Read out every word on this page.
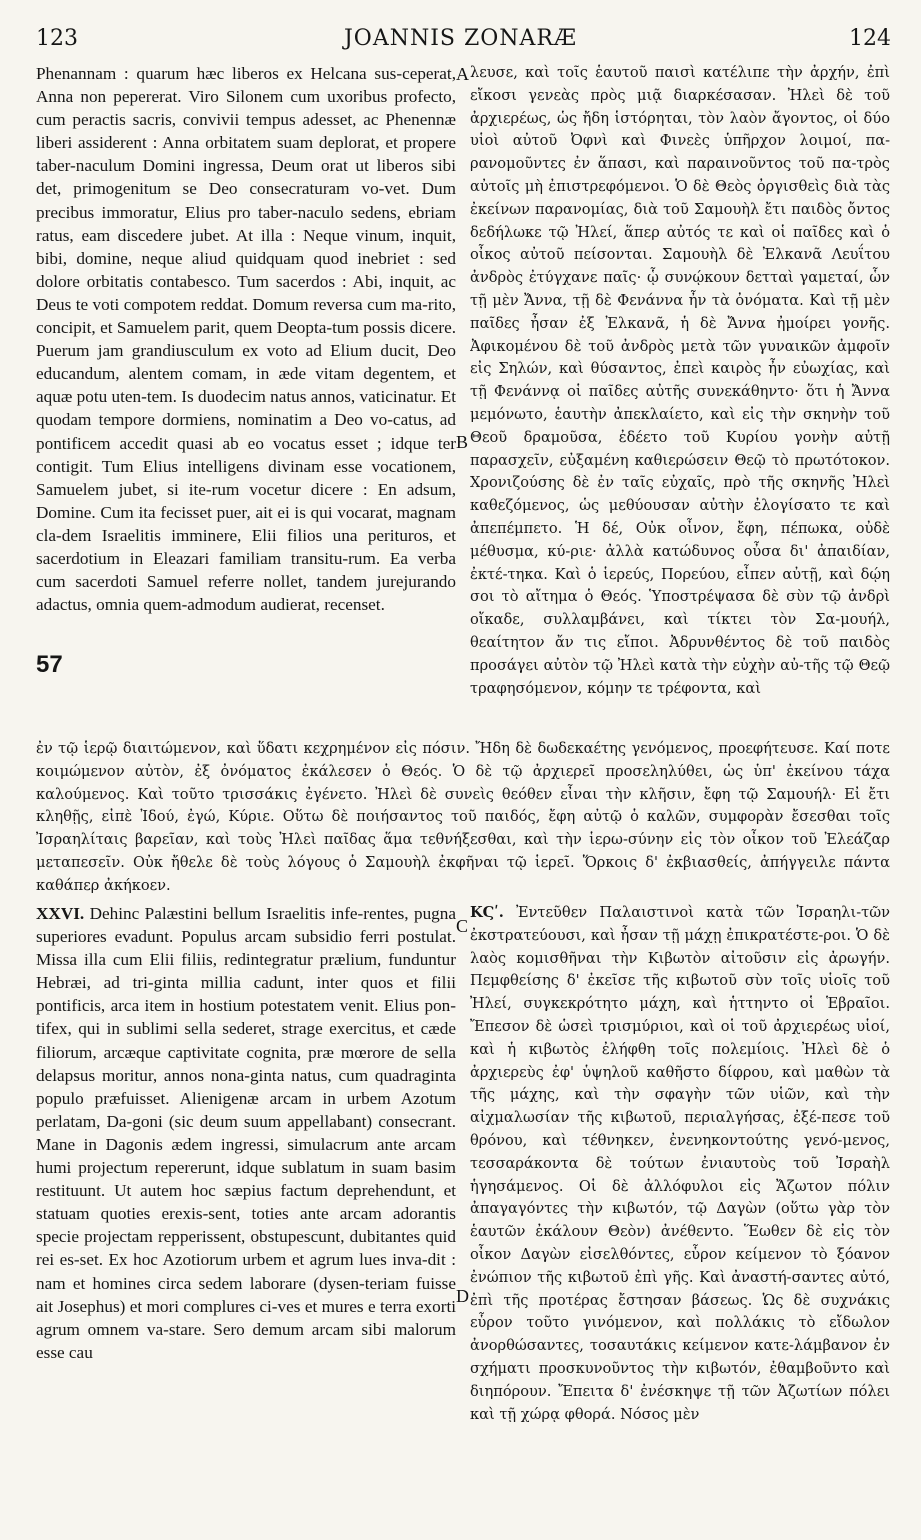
JOANNIS ZONARÆ
123	124

Phenannam : quarum hæc liberos ex Helcana sus-ceperat, Anna non pepererat. Viro Silonem cum uxoribus profecto, cum peractis sacris, convivii tempus adesset, ac Phenennæ liberi assiderent : Anna orbitatem suam deplorat, et propere taber-naculum Domini ingressa, Deum orat ut liberos sibi det, primogenitum se Deo consecraturam vo-vet. Dum precibus immoratur, Elius pro taber-naculo sedens, ebriam ratus, eam discedere jubet. At illa : Neque vinum, inquit, bibi, domine, neque aliud quidquam quod inebriet : sed dolore orbitatis contabesco. Tum sacerdos : Abi, inquit, ac Deus te voti compotem reddat. Domum reversa cum ma-rito, concipit, et Samuelem parit, quem Deopta-tum possis dicere. Puerum jam grandiusculum ex voto ad Elium ducit, Deo educandum, alentem comam, in æde vitam degentem, et aquæ potu uten-tem. Is duodecim natus annos, vaticinatur. Et quodam tempore dormiens, nominatim a Deo vo-catus, ad pontificem accedit quasi ab eo vocatus esset ; idque ter contigit. Tum Elius intelligens divinam esse vocationem, Samuelem jubet, si ite-rum vocetur dicere : En adsum, Domine. Cum ita fecisset puer, ait ei is qui vocarat, magnam cla-dem Israelitis imminere, Elii filios una perituros, et sacerdotium in Eleazari familiam transitu-rum. Ea verba cum sacerdoti Samuel referre nollet, tandem jurejurando adactus, omnia quem-admodum audierat, recenset.

λευσε, καὶ τοῖς ἑαυτοῦ παισὶ κατέλιπε τὴν ἀρχήν, ἐπὶ εἴκοσι γενεὰς πρὸς μιᾷ διαρκέσασαν. Ἠλεὶ δὲ τοῦ ἀρχιερέως, ὡς ἤδη ἱστόρηται, τὸν λαὸν ἄγοντος, οἱ δύο υἱοὶ αὐτοῦ Ὀφνὶ καὶ Φινεὲς ὑπῆρχον λοιμοί, πα-ρανομοῦντες ἐν ἅπασι, καὶ παραινοῦντος τοῦ πα-τρὸς αὐτοῖς μὴ ἐπιστρεφόμενοι. Ὁ δὲ Θεὸς ὀργισθεὶς διὰ τὰς ἐκείνων παρανομίας, διὰ τοῦ Σαμουὴλ ἔτι παιδὸς ὄντος δεδήλωκε τῷ Ἠλεί, ἅπερ αὐτός τε καὶ οἱ παῖδες καὶ ὁ οἶκος αὐτοῦ πείσονται. Σαμουὴλ δὲ Ἐλκανᾶ Λευΐτου ἀνδρὸς ἐτύγχανε παῖς· ᾧ συνῴκουν δετταὶ γαμεταί, ὧν τῇ μὲν Ἄννα, τῇ δὲ Φενάννα ἦν τὰ ὀνόματα. Καὶ τῇ μὲν παῖδες ἦσαν ἐξ Ἐλκανᾶ, ἡ δὲ Ἄννα ἠμοίρει γονῆς. Ἀφικομένου δὲ τοῦ ἀνδρὸς μετὰ τῶν γυναικῶν ἀμφοῖν εἰς Σηλών, καὶ θύσαντος, ἐπεὶ καιρὸς ἦν εὐωχίας, καὶ τῇ Φενάννᾳ οἱ παῖδες αὐτῆς συνεκάθηντο· ὅτι ἡ Ἄννα μεμόνωτο, ἑαυτὴν ἀπεκλαίετο, καὶ εἰς τὴν σκηνὴν τοῦ Θεοῦ δραμοῦσα, ἐδέετο τοῦ Κυρίου γονὴν αὐτῇ παρασχεῖν, εὐξαμένη καθιερώσειν Θεῷ τὸ πρωτότοκον. Χρονιζούσης δὲ ἐν ταῖς εὐχαῖς, πρὸ τῆς σκηνῆς Ἠλεὶ καθεζόμενος, ὡς μεθύουσαν αὐτὴν ἐλογίσατο τε καὶ ἀπεπέμπετο. Ἡ δέ, Οὐκ οἶνον, ἔφη, πέπωκα, οὐδὲ μέθυσμα, κύ-ριε· ἀλλὰ κατώδυνος οὖσα δι' ἀπαιδίαν, ἐκτέ-τηκα. Καὶ ὁ ἱερεύς, Πορεύου, εἶπεν αὐτῇ, καὶ δῴη σοι τὸ αἴτημα ὁ Θεός. Ὑποστρέψασα δὲ σὺν τῷ ἀνδρὶ οἴκαδε, συλλαμβάνει, καὶ τίκτει τὸν Σα-μουήλ, θεαίτητον ἄν τις εἴποι. Ἀδρυνθέντος δὲ τοῦ παιδὸς προσάγει αὐτὸν τῷ Ἠλεὶ κατὰ τὴν εὐχὴν αὐ-τῆς τῷ Θεῷ τραφησόμενον, κόμην τε τρέφοντα, καὶ

ἐν τῷ ἱερῷ διαιτώμενον, καὶ ὕδατι κεχρημένον εἰς πόσιν. Ἤδη δὲ δωδεκαέτης γενόμενος, προεφήτευσε. Καί ποτε κοιμώμενον αὐτὸν, ἐξ ὀνόματος ἐκάλεσεν ὁ Θεός. Ὁ δὲ τῷ ἀρχιερεῖ προσεληλύθει, ὡς ὑπ' ἐκείνου τάχα καλούμενος. Καὶ τοῦτο τρισσάκις ἐγένετο. Ἠλεὶ δὲ συνεὶς θεόθεν εἶναι τὴν κλῆσιν, ἔφη τῷ Σαμουήλ· Εἰ ἔτι κληθῇς, εἰπὲ Ἰδού, ἐγώ, Κύριε. Οὕτω δὲ ποιήσαντος τοῦ παιδός, ἔφη αὐτῷ ὁ καλῶν, συμφορὰν ἔσεσθαι τοῖς Ἰσραηλίταις βαρεῖαν, καὶ τοὺς Ἠλεὶ παῖδας ἅμα τεθνήξεσθαι, καὶ τὴν ἱερω-σύνην εἰς τὸν οἶκον τοῦ Ἐλεάζαρ μεταπεσεῖν. Οὐκ ἤθελε δὲ τοὺς λόγους ὁ Σαμουὴλ ἐκφῆναι τῷ ἱερεῖ. Ὅρκοις δ' ἐκβιασθείς, ἀπήγγειλε πάντα καθάπερ ἀκήκοεν.

XXVI. Dehinc Palæstini bellum Israelitis infe-rentes, pugna superiores evadunt. Populus arcam subsidio ferri postulat. Missa illa cum Elii filiis, redintegratur prælium, funduntur Hebræi, ad tri-ginta millia cadunt, inter quos et filii pontificis, arca item in hostium potestatem venit. Elius pon-tifex, qui in sublimi sella sederet, strage exercitus, et cæde filiorum, arcæque captivitate cognita, præ mœrore de sella delapsus moritur, annos nona-ginta natus, cum quadraginta populo præfuisset. Alienigenæ arcam in urbem Azotum perlatam, Da-goni (sic deum suum appellabant) consecrant. Mane in Dagonis ædem ingressi, simulacrum ante arcam humi projectum repererunt, idque sublatum in suam basim restituunt. Ut autem hoc sæpius factum deprehendunt, et statuam quoties erexis-sent, toties ante arcam adorantis specie projectam repperissent, obstupescunt, dubitantes quid rei es-set. Ex hoc Azotiorum urbem et agrum lues inva-dit : nam et homines circa sedem laborare (dysen-teriam fuisse ait Josephus) et mori complures ci-ves et mures e terra exorti agrum omnem va-stare. Sero demum arcam sibi malorum esse cau

ΚϚʹ. Ἐντεῦθεν Παλαιστινοὶ κατὰ τῶν Ἰσραηλι-τῶν ἐκστρατεύουσι, καὶ ἦσαν τῇ μάχῃ ἐπικρατέστε-ροι. Ὁ δὲ λαὸς κομισθῆναι τὴν Κιβωτὸν αἰτοῦσιν εἰς ἀρωγήν. Πεμφθείσης δ' ἐκεῖσε τῆς κιβωτοῦ σὺν τοῖς υἱοῖς τοῦ Ἠλεί, συγκεκρότητο μάχη, καὶ ἡττηντο οἱ Ἑβραῖοι. Ἔπεσον δὲ ὡσεὶ τρισμύριοι, καὶ οἱ τοῦ ἀρχιερέως υἱοί, καὶ ἡ κιβωτὸς ἐλήφθη τοῖς πολεμίοις. Ἠλεὶ δὲ ὁ ἀρχιερεὺς ἐφ' ὑψηλοῦ καθῆστο δίφρου, καὶ μαθὼν τὰ τῆς μάχης, καὶ τὴν σφαγὴν τῶν υἱῶν, καὶ τὴν αἰχμαλωσίαν τῆς κιβωτοῦ, περιαλγήσας, ἐξέ-πεσε τοῦ θρόνου, καὶ τέθνηκεν, ἐνενηκοντούτης γενό-μενος, τεσσαράκοντα δὲ τούτων ἐνιαυτοὺς τοῦ Ἰσραὴλ ἡγησάμενος. Οἱ δὲ ἀλλόφυλοι εἰς Ἄζωτον πόλιν ἀπαγαγόντες τὴν κιβωτόν, τῷ Δαγὼν (οὕτω γὰρ τὸν ἑαυτῶν ἐκάλουν Θεὸν) ἀνέθεντο. Ἕωθεν δὲ εἰς τὸν οἶκον Δαγὼν εἰσελθόντες, εὗρον κείμενον τὸ ξόανον ἐνώπιον τῆς κιβωτοῦ ἐπὶ γῆς. Καὶ ἀναστή-σαντες αὐτό, ἐπὶ τῆς προτέρας ἔστησαν βάσεως. Ὡς δὲ συχνάκις εὗρον τοῦτο γινόμενον, καὶ πολλάκις τὸ εἴδωλον ἀνορθώσαντες, τοσαυτάκις κείμενον κατε-λάμβανον ἐν σχήματι προσκυνοῦντος τὴν κιβωτόν, ἐθαμβοῦντο καὶ διηπόρουν. Ἔπειτα δ' ἐνέσκηψε τῇ τῶν Ἀζωτίων πόλει καὶ τῇ χώρᾳ φθορά. Νόσος μὲν

A
B
C
D
57
